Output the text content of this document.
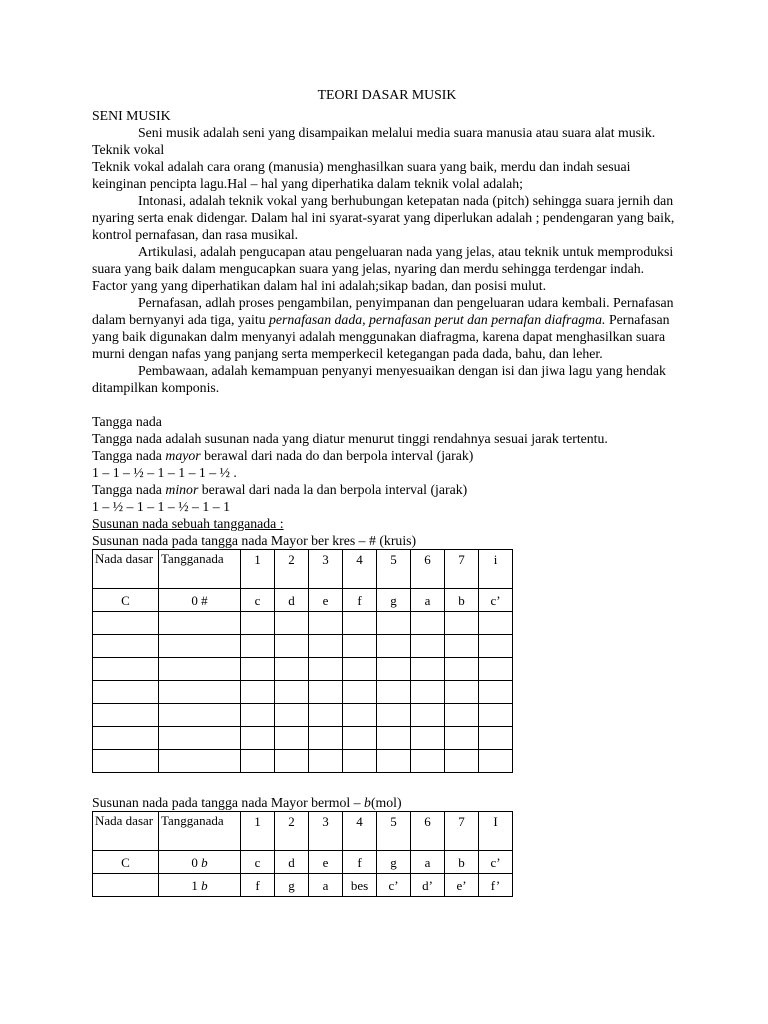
TEORI DASAR MUSIK

SENI MUSIK

Seni musik adalah seni yang disampaikan melalui media suara manusia atau suara alat musik.

Teknik vokal

Teknik vokal adalah cara orang (manusia) menghasilkan suara yang baik, merdu dan indah sesuai keinginan pencipta lagu.Hal – hal yang diperhatika dalam teknik volal adalah;

Intonasi, adalah teknik vokal yang berhubungan ketepatan nada (pitch) sehingga suara jernih dan nyaring serta enak didengar. Dalam hal ini syarat-syarat yang diperlukan adalah ; pendengaran yang baik, kontrol pernafasan, dan rasa musikal.

Artikulasi, adalah pengucapan atau pengeluaran nada yang jelas, atau teknik untuk memproduksi suara yang baik dalam mengucapkan suara yang jelas, nyaring dan merdu sehingga terdengar indah. Factor yang yang diperhatikan dalam hal ini adalah;sikap badan, dan posisi mulut.

Pernafasan, adlah proses pengambilan, penyimpanan dan pengeluaran udara kembali. Pernafasan dalam bernyanyi ada tiga, yaitu pernafasan dada, pernafasan perut dan pernafan diafragma. Pernafasan yang baik digunakan dalm menyanyi adalah menggunakan diafragma, karena dapat menghasilkan suara murni dengan nafas yang panjang serta memperkecil ketegangan pada dada, bahu, dan leher.

Pembawaan, adalah kemampuan penyanyi menyesuaikan dengan isi dan jiwa lagu yang hendak ditampilkan komponis.

Tangga nada

Tangga nada adalah susunan nada yang diatur menurut tinggi rendahnya sesuai jarak tertentu.

Tangga nada mayor berawal dari nada do dan berpola interval (jarak)

1 – 1 – ½ – 1 – 1 – 1 – ½ .

Tangga nada minor berawal dari nada la dan berpola interval (jarak)

1 – ½ – 1 – 1 – ½ – 1 – 1

Susunan nada sebuah tangganada :

Susunan nada pada tangga nada Mayor ber kres – # (kruis)

Nada dasar	Tangganada	1	2	3	4	5	6	7	i
C	0 #	c	d	e	f	g	a	b	c’

Susunan nada pada tangga nada Mayor bermol – b(mol)

Nada dasar	Tangganada	1	2	3	4	5	6	7	I
C	0 b	c	d	e	f	g	a	b	c’
	1 b	f	g	a	bes	c’	d’	e’	f’
